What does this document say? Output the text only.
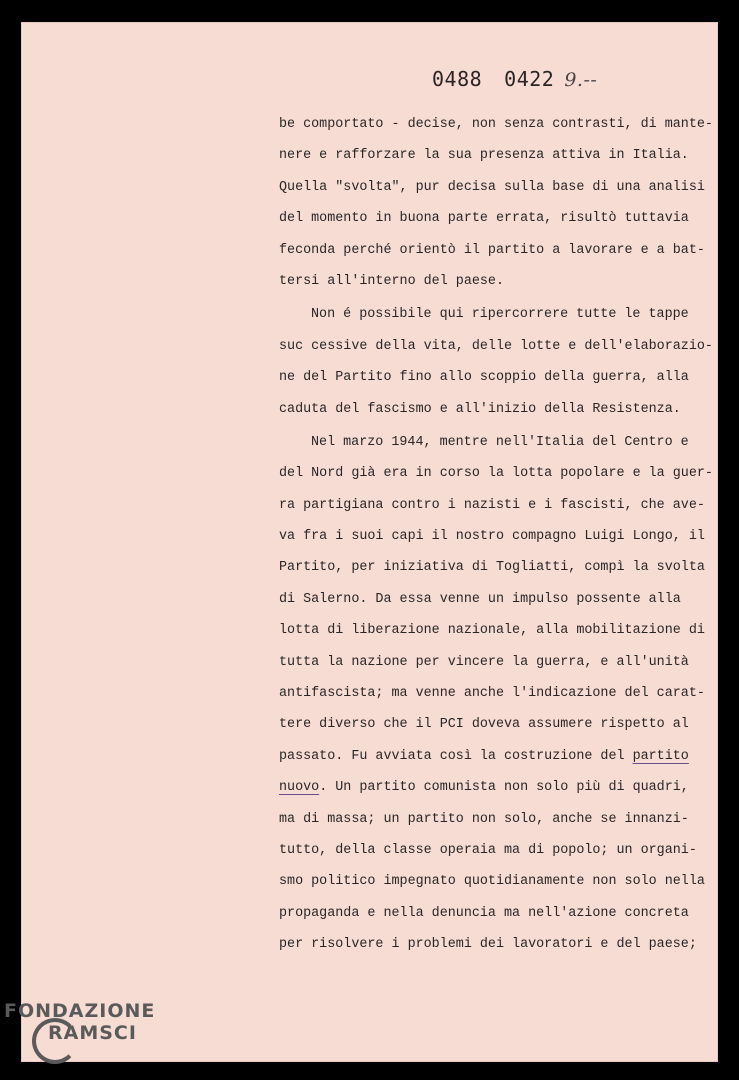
0488 0422 9.--
be comportato - decise, non senza contrasti, di mante-
nere e rafforzare la sua presenza attiva in Italia.
Quella "svolta", pur decisa sulla base di una analisi
del momento in buona parte errata, risultò tuttavia
feconda perché orientò il partito a lavorare e a bat-
tersi all'interno del paese.
Non é possibile qui ripercorrere tutte le tappe
suc cessive della vita, delle lotte e dell'elaborazio-
ne del Partito fino allo scoppio della guerra, alla
caduta del fascismo e all'inizio della Resistenza.
Nel marzo 1944, mentre nell'Italia del Centro e
del Nord già era in corso la lotta popolare e la guer-
ra partigiana contro i nazisti e i fascisti, che ave-
va fra i suoi capi il nostro compagno Luigi Longo, il
Partito, per iniziativa di Togliatti, compì la svolta
di Salerno. Da essa venne un impulso possente alla
lotta di liberazione nazionale, alla mobilitazione di
tutta la nazione per vincere la guerra, e all'unità
antifascista; ma venne anche l'indicazione del carat-
tere diverso che il PCI doveva assumere rispetto al
passato. Fu avviata così la costruzione del partito
nuovo. Un partito comunista non solo più di quadri,
ma di massa; un partito non solo, anche se innanzi-
tutto, della classe operaia ma di popolo; un organi-
smo politico impegnato quotidianamente non solo nella
propaganda e nella denuncia ma nell'azione concreta
per risolvere i problemi dei lavoratori e del paese;
FONDAZIONE
RAMSCI
